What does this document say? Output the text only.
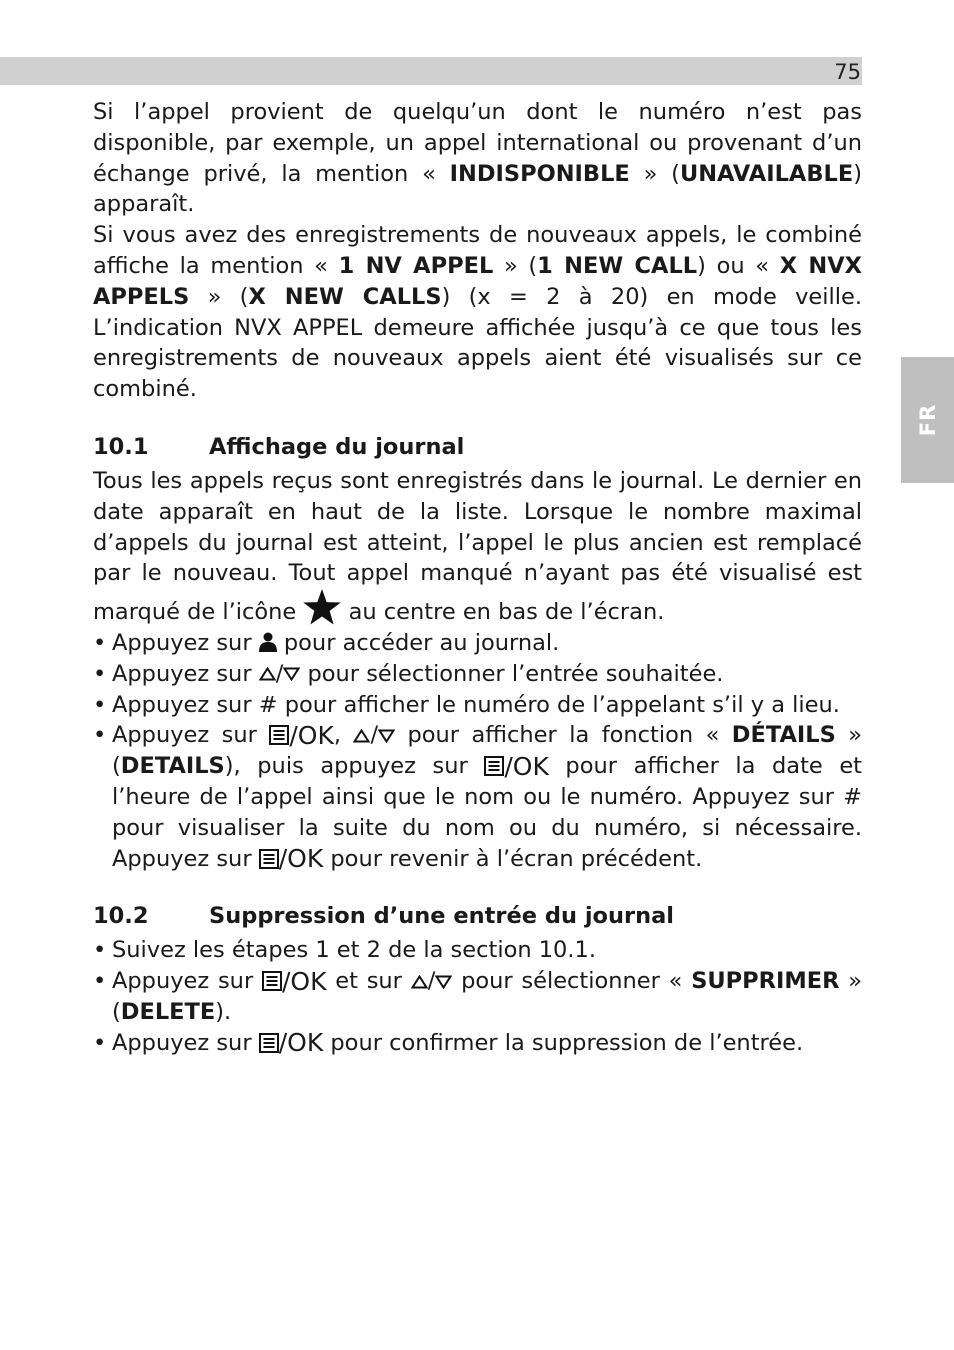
75
FR

Si l’appel provient de quelqu’un dont le numéro n’est pas disponible, par exemple, un appel international ou provenant d’un échange privé, la mention « INDISPONIBLE » (UNAVAILABLE) apparaît.

Si vous avez des enregistrements de nouveaux appels, le combiné affiche la mention « 1 NV APPEL » (1 NEW CALL) ou « X NVX APPELS » (X NEW CALLS) (x = 2 à 20) en mode veille. L’indication NVX APPEL demeure affichée jusqu’à ce que tous les enregistrements de nouveaux appels aient été visualisés sur ce combiné.

10.1	Affichage du journal

Tous les appels reçus sont enregistrés dans le journal. Le dernier en date apparaît en haut de la liste. Lorsque le nombre maximal d’appels du journal est atteint, l’appel le plus ancien est remplacé par le nouveau. Tout appel manqué n’ayant pas été visualisé est marqué de l’icône
au centre en bas de l’écran.

• Appuyez sur
pour accéder au journal.
• Appuyez sur
/
pour sélectionner l’entrée souhaitée.
• Appuyez sur # pour afficher le numéro de l’appelant s’il y a lieu.
• Appuyez sur / OK ,
/
pour afficher la fonction « DÉTAILS » (DETAILS), puis appuyez sur / OK pour afficher la date et l’heure de l’appel ainsi que le nom ou le numéro. Appuyez sur # pour visualiser la suite du nom ou du numéro, si nécessaire. Appuyez sur / OK pour revenir à l’écran précédent.
10.2	Suppression d’une entrée du journal
• Suivez les étapes 1 et 2 de la section 10.1.
• Appuyez sur / OK et sur
/
pour sélectionner « SUPPRIMER » (DELETE).
• Appuyez sur / OK pour confirmer la suppression de l’entrée.
